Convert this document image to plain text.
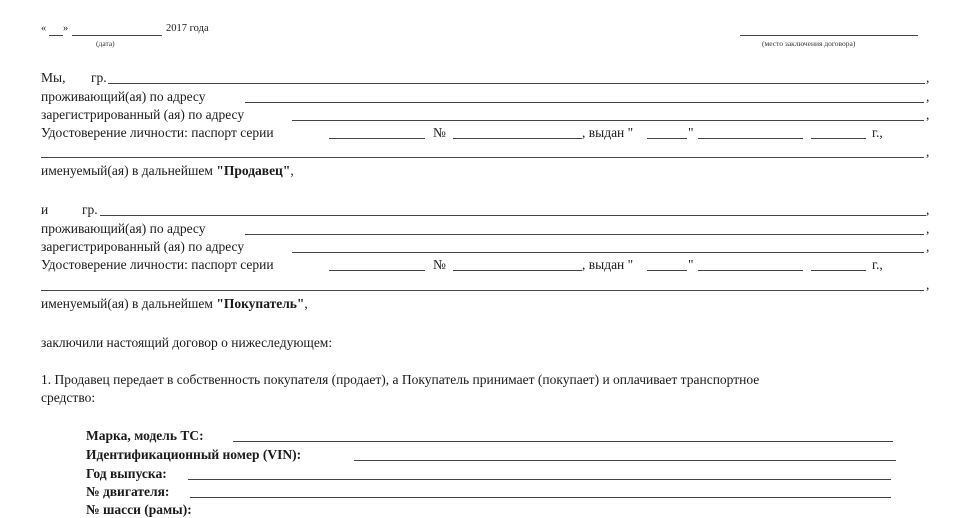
« »	2017 года
(дата)	(место заключения договора)
Мы, гр.	,
проживающий(ая) по адресу	,
зарегистрированный (ая) по адресу	,
Удостоверение личности: паспорт серии	№	, выдан "	"	г.,
,
именуемый(ая) в дальнейшем "Продавец",
и	гр.	,
проживающий(ая) по адресу	,
зарегистрированный (ая) по адресу	,
Удостоверение личности: паспорт серии	№	, выдан "	"	г.,
,
именуемый(ая) в дальнейшем "Покупатель",
заключили настоящий договор о нижеследующем:
1. Продавец передает в собственность покупателя (продает), а Покупатель принимает (покупает) и оплачивает транспортное
средство:
Марка, модель ТС:
Идентификационный номер (VIN):
Год выпуска:
№ двигателя:
№ шасси (рамы):
